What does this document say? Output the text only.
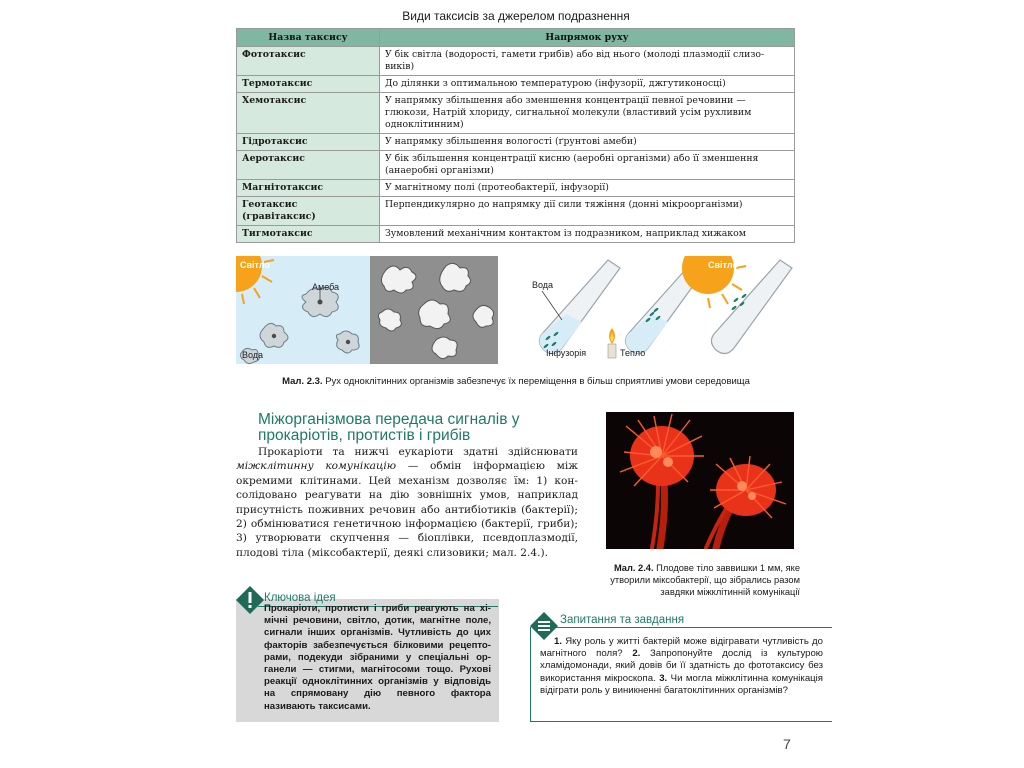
Види таксисів за джерелом подразнення
Назва таксису	Напрямок руху
Фототаксис	У бік світла (водорості, гамети грибів) або від нього (молоді плазмодії слизо-виків)
Термотаксис	До ділянки з оптимальною температурою (інфузорії, джгутиконосці)
Хемотаксис	У напрямку збільшення або зменшення концентрації певної речовини — глюкози, Натрій хлориду, сигнальної молекули (властивий усім рухливим одноклітинним)
Гідротаксис	У напрямку збільшення вологості (ґрунтові амеби)
Аеротаксис	У бік збільшення концентрації кисню (аеробні організми) або її зменшення (анаеробні організми)
Магнітотаксис	У магнітному полі (протеобактерії, інфузорії)
Геотаксис (гравітаксис)	Перпендикулярно до напрямку дії сили тяжіння (донні мікроорганізми)
Тигмотаксис	Зумовлений механічним контактом із подразником, наприклад хижаком
Світло
Амеба
Вода
Вода
Інфузорія	Тепло
Світло
Мал. 2.3. Рух одноклітинних організмів забезпечує їх переміщення в більш сприятливі умови середовища
Міжорганізмова передача сигналів у прокаріотів, протистів і грибів

Прокаріоти та нижчі еукаріоти здатні здійснювати міжклітинну комунікацію — обмін інформацією між окремими клітинами. Цей механізм дозволяє їм: 1) консолідовано реагувати на дію зовнішніх умов, наприклад присутність поживних речовин або антибіотиків (бактерії); 2) обмінюватися генетичною інформацією (бактерії, гриби); 3) утворювати скупчення — біоплівки, псевдоплазмодії, плодові тіла (міксобактерії, деякі слизовики; мал. 2.4.).

Мал. 2.4. Плодове тіло заввишки 1 мм, яке утворили міксобактерії, що зібрались разом завдяки міжклітинній комунікації
Ключова ідея
Прокаріоти, протисти і гриби реагують на хімічні речовини, світло, дотик, магнітне поле, сигнали інших організмів. Чутливість до цих факторів забезпечується білковими рецепторами, подекуди зібраними у спеціальні органели — стигми, магнітосоми тощо. Рухові реакції одноклітинних організмів у відповідь на спрямовану дію певного фактора називають таксисами.
Запитання та завдання
1. Яку роль у житті бактерій може відігравати чутливість до магнітного поля? 2. Запропонуйте дослід із культурою хламідомонади, який довів би її здатність до фототаксису без використання мікроскопа. 3. Чи могла міжклітинна комунікація відіграти роль у виникненні багатоклітинних організмів?
7
